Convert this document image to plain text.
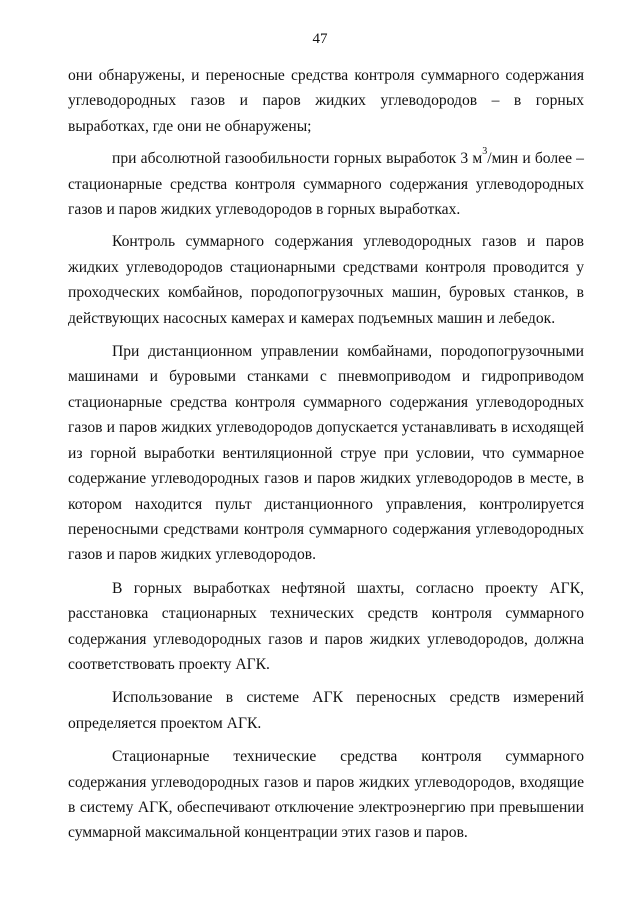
47

они обнаружены, и переносные средства контроля суммарного содержания углеводородных газов и паров жидких углеводородов – в горных выработках, где они не обнаружены;

при абсолютной газообильности горных выработок 3 $м^3$/мин и более – стационарные средства контроля суммарного содержания углеводородных газов и паров жидких углеводородов в горных выработках.

Контроль суммарного содержания углеводородных газов и паров жидких углеводородов стационарными средствами контроля проводится у проходческих комбайнов, породопогрузочных машин, буровых станков, в действующих насосных камерах и камерах подъемных машин и лебедок.

При дистанционном управлении комбайнами, породопогрузочными машинами и буровыми станками с пневмоприводом и гидроприводом стационарные средства контроля суммарного содержания углеводородных газов и паров жидких углеводородов допускается устанавливать в исходящей из горной выработки вентиляционной струе при условии, что суммарное содержание углеводородных газов и паров жидких углеводородов в месте, в котором находится пульт дистанционного управления, контролируется переносными средствами контроля суммарного содержания углеводородных газов и паров жидких углеводородов.

В горных выработках нефтяной шахты, согласно проекту АГК, расстановка стационарных технических средств контроля суммарного содержания углеводородных газов и паров жидких углеводородов, должна соответствовать проекту АГК.

Использование в системе АГК переносных средств измерений определяется проектом АГК.

Стационарные технические средства контроля суммарного содержания углеводородных газов и паров жидких углеводородов, входящие в систему АГК, обеспечивают отключение электроэнергию при превышении суммарной максимальной концентрации этих газов и паров.
